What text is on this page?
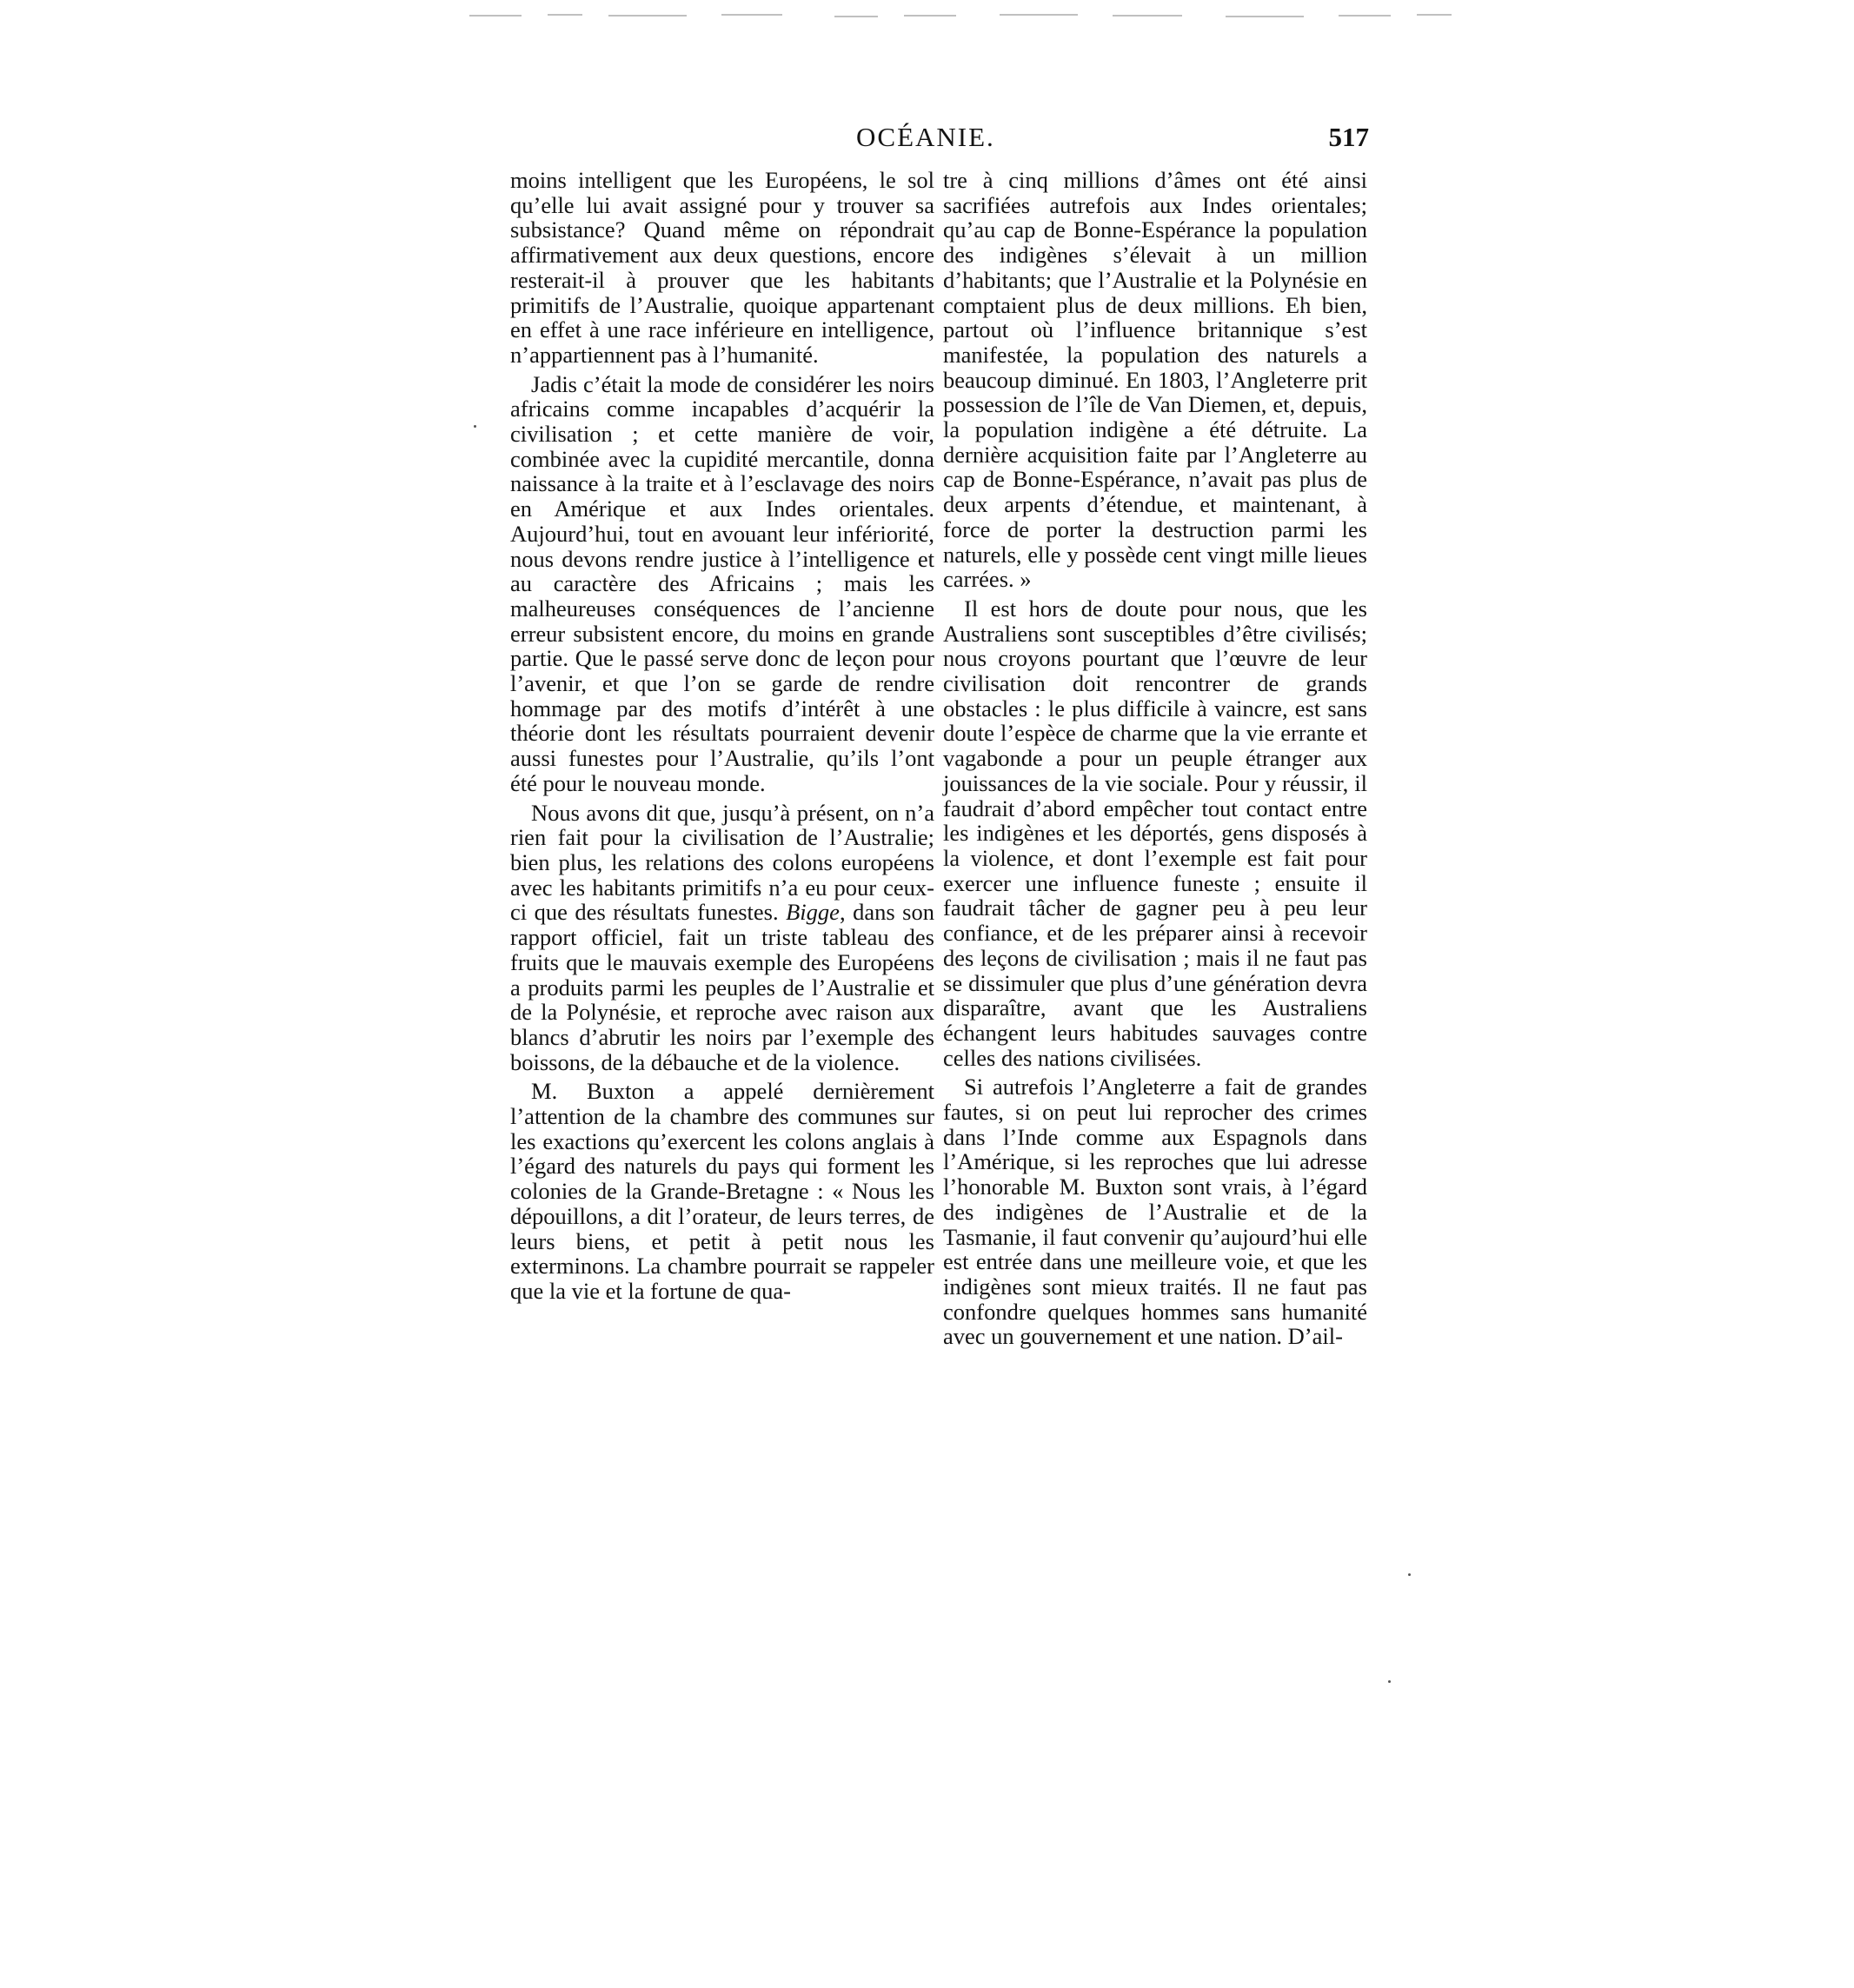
OCÉANIE.	517

moins intelligent que les Européens, le sol qu’elle lui avait assigné pour y trouver sa subsistance? Quand même on répondrait affirmativement aux deux questions, encore resterait-il à prouver que les habitants primitifs de l’Australie, quoique appartenant en effet à une race inférieure en intelligence, n’appartiennent pas à l’humanité.

Jadis c’était la mode de considérer les noirs africains comme incapables d’acquérir la civilisation ; et cette manière de voir, combinée avec la cupidité mercantile, donna naissance à la traite et à l’esclavage des noirs en Amérique et aux Indes orientales. Aujourd’hui, tout en avouant leur infériorité, nous devons rendre justice à l’intelligence et au caractère des Africains ; mais les malheureuses conséquences de l’ancienne erreur subsistent encore, du moins en grande partie. Que le passé serve donc de leçon pour l’avenir, et que l’on se garde de rendre hommage par des motifs d’intérêt à une théorie dont les résultats pourraient devenir aussi funestes pour l’Australie, qu’ils l’ont été pour le nouveau monde.

Nous avons dit que, jusqu’à présent, on n’a rien fait pour la civilisation de l’Australie; bien plus, les relations des colons européens avec les habitants primitifs n’a eu pour ceux-ci que des résultats funestes. Bigge, dans son rapport officiel, fait un triste tableau des fruits que le mauvais exemple des Européens a produits parmi les peuples de l’Australie et de la Polynésie, et reproche avec raison aux blancs d’abrutir les noirs par l’exemple des boissons, de la débauche et de la violence.

M. Buxton a appelé dernièrement l’attention de la chambre des communes sur les exactions qu’exercent les colons anglais à l’égard des naturels du pays qui forment les colonies de la Grande-Bretagne : « Nous les dépouillons, a dit l’orateur, de leurs terres, de leurs biens, et petit à petit nous les exterminons. La chambre pourrait se rappeler que la vie et la fortune de qua-

tre à cinq millions d’âmes ont été ainsi sacrifiées autrefois aux Indes orientales; qu’au cap de Bonne-Espérance la population des indigènes s’élevait à un million d’habitants; que l’Australie et la Polynésie en comptaient plus de deux millions. Eh bien, partout où l’influence britannique s’est manifestée, la population des naturels a beaucoup diminué. En 1803, l’Angleterre prit possession de l’île de Van Diemen, et, depuis, la population indigène a été détruite. La dernière acquisition faite par l’Angleterre au cap de Bonne-Espérance, n’avait pas plus de deux arpents d’étendue, et maintenant, à force de porter la destruction parmi les naturels, elle y possède cent vingt mille lieues carrées. »

Il est hors de doute pour nous, que les Australiens sont susceptibles d’être civilisés; nous croyons pourtant que l’œuvre de leur civilisation doit rencontrer de grands obstacles : le plus difficile à vaincre, est sans doute l’espèce de charme que la vie errante et vagabonde a pour un peuple étranger aux jouissances de la vie sociale. Pour y réussir, il faudrait d’abord empêcher tout contact entre les indigènes et les déportés, gens disposés à la violence, et dont l’exemple est fait pour exercer une influence funeste ; ensuite il faudrait tâcher de gagner peu à peu leur confiance, et de les préparer ainsi à recevoir des leçons de civilisation ; mais il ne faut pas se dissimuler que plus d’une génération devra disparaître, avant que les Australiens échangent leurs habitudes sauvages contre celles des nations civilisées.

Si autrefois l’Angleterre a fait de grandes fautes, si on peut lui reprocher des crimes dans l’Inde comme aux Espagnols dans l’Amérique, si les reproches que lui adresse l’honorable M. Buxton sont vrais, à l’égard des indigènes de l’Australie et de la Tasmanie, il faut convenir qu’aujourd’hui elle est entrée dans une meilleure voie, et que les indigènes sont mieux traités. Il ne faut pas confondre quelques hommes sans humanité avec un gouvernement et une nation. D’ail-
